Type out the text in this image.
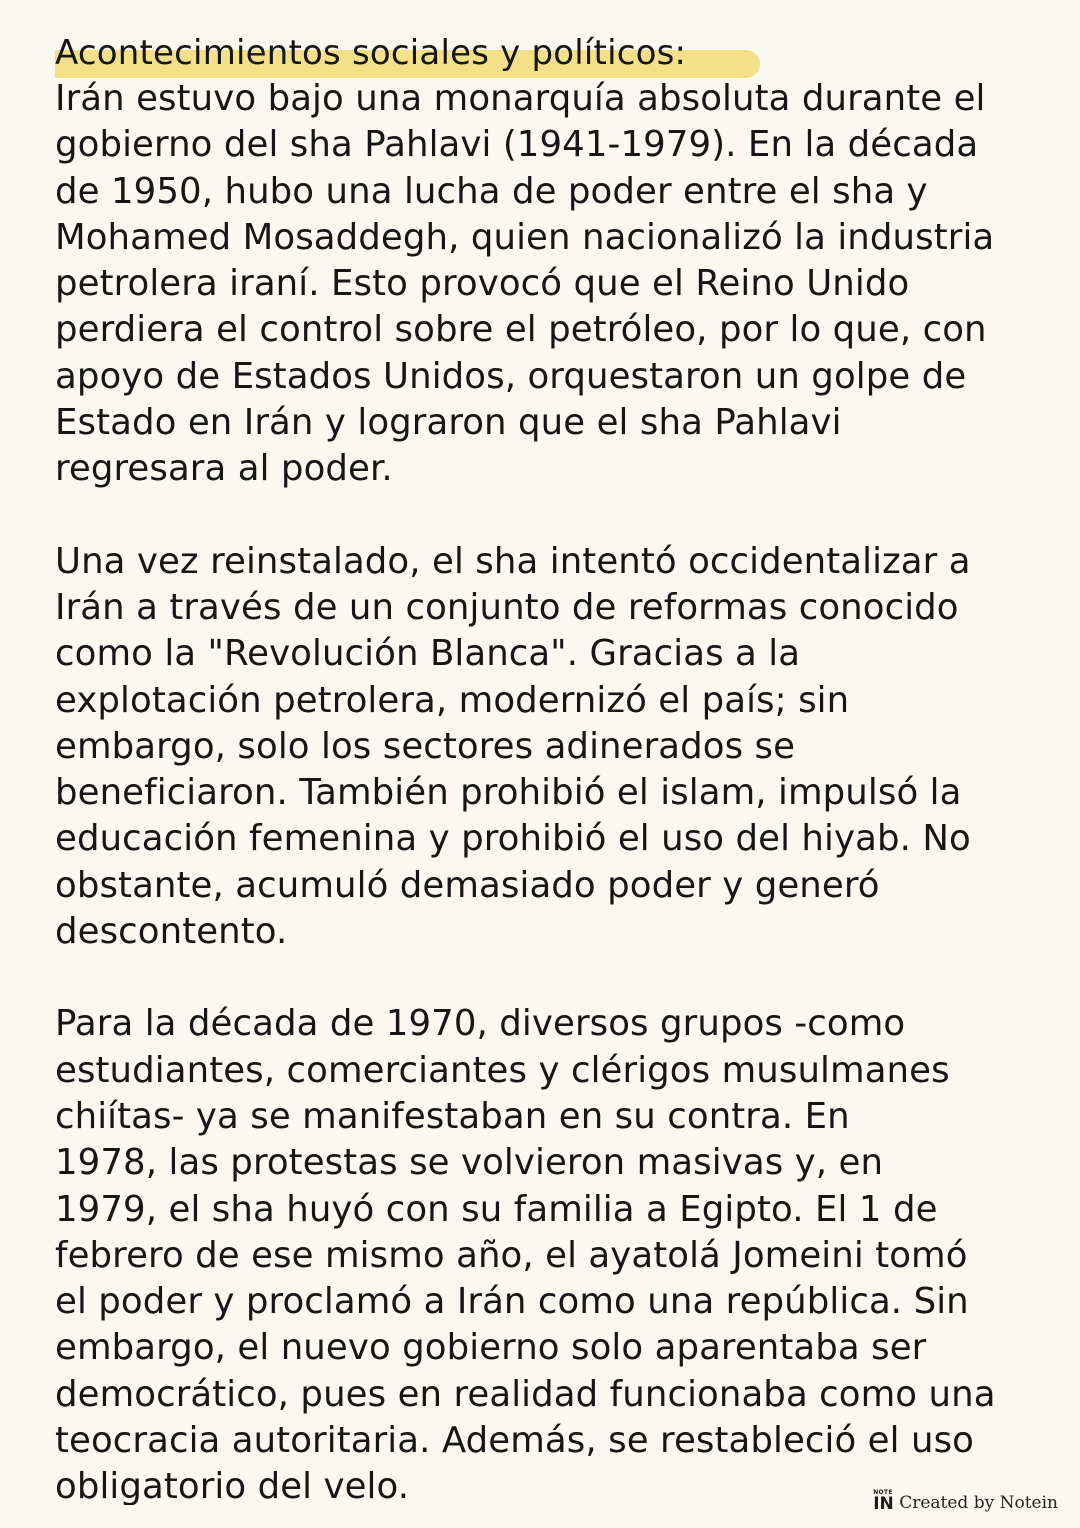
Acontecimientos sociales y políticos:

Irán estuvo bajo una monarquía absoluta durante el
gobierno del sha Pahlavi (1941-1979). En la década
de 1950, hubo una lucha de poder entre el sha y
Mohamed Mosaddegh, quien nacionalizó la industria
petrolera iraní. Esto provocó que el Reino Unido
perdiera el control sobre el petróleo, por lo que, con
apoyo de Estados Unidos, orquestaron un golpe de
Estado en Irán y lograron que el sha Pahlavi
regresara al poder.

Una vez reinstalado, el sha intentó occidentalizar a
Irán a través de un conjunto de reformas conocido
como la "Revolución Blanca". Gracias a la
explotación petrolera, modernizó el país; sin
embargo, solo los sectores adinerados se
beneficiaron. También prohibió el islam, impulsó la
educación femenina y prohibió el uso del hiyab. No
obstante, acumuló demasiado poder y generó
descontento.

Para la década de 1970, diversos grupos -como
estudiantes, comerciantes y clérigos musulmanes
chiítas- ya se manifestaban en su contra. En
1978, las protestas se volvieron masivas y, en
1979, el sha huyó con su familia a Egipto. El 1 de
febrero de ese mismo año, el ayatolá Jomeini tomó
el poder y proclamó a Irán como una república. Sin
embargo, el nuevo gobierno solo aparentaba ser
democrático, pues en realidad funcionaba como una
teocracia autoritaria. Además, se restableció el uso
obligatorio del velo.	NOTE
IN Created by Notein
